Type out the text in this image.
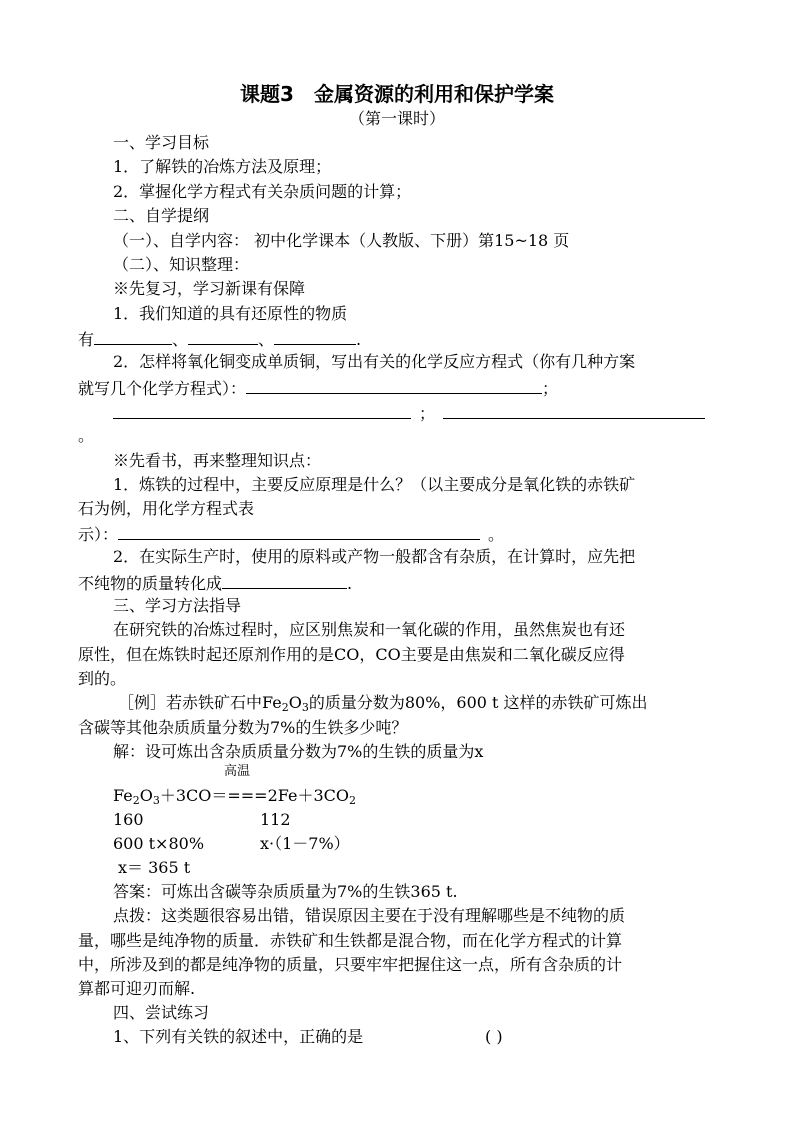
课题3　金属资源的利用和保护学案
（第一课时）
一、学习目标
1．了解铁的冶炼方法及原理；
2．掌握化学方程式有关杂质问题的计算；
二、自学提纲
（一）、自学内容： 初中化学课本（人教版、下册）第15~18 页
（二）、知识整理：
※先复习，学习新课有保障
1．我们知道的具有还原性的物质
有	、	、	.
2．怎样将氧化铜变成单质铜，写出有关的化学反应方程式（你有几种方案
就写几个化学方程式）：	；
；
。
※先看书，再来整理知识点：
1．炼铁的过程中，主要反应原理是什么？（以主要成分是氧化铁的赤铁矿
石为例，用化学方程式表
示）：	。
2．在实际生产时，使用的原料或产物一般都含有杂质，在计算时，应先把
不纯物的质量转化成	.
三、学习方法指导
在研究铁的冶炼过程时，应区别焦炭和一氧化碳的作用，虽然焦炭也有还
原性，但在炼铁时起还原剂作用的是CO，CO主要是由焦炭和二氧化碳反应得
到的。
［例］若赤铁矿石中$Fe_2O_3$的质量分数为80%，600 t 这样的赤铁矿可炼出
含碳等其他杂质质量分数为7%的生铁多少吨？
解：设可炼出含杂质质量分数为7%的生铁的质量为x
高温
$Fe_2O_3+3CO====2Fe+3CO_2$
160	112
600 t×80%	x·（1－7%）
x＝ 365 t
答案：可炼出含碳等杂质质量为7%的生铁365 t.
点拨：这类题很容易出错，错误原因主要在于没有理解哪些是不纯物的质
量，哪些是纯净物的质量．赤铁矿和生铁都是混合物，而在化学方程式的计算
中，所涉及到的都是纯净物的质量，只要牢牢把握住这一点，所有含杂质的计
算都可迎刃而解.
四、尝试练习
1、下列有关铁的叙述中，正确的是	( )
